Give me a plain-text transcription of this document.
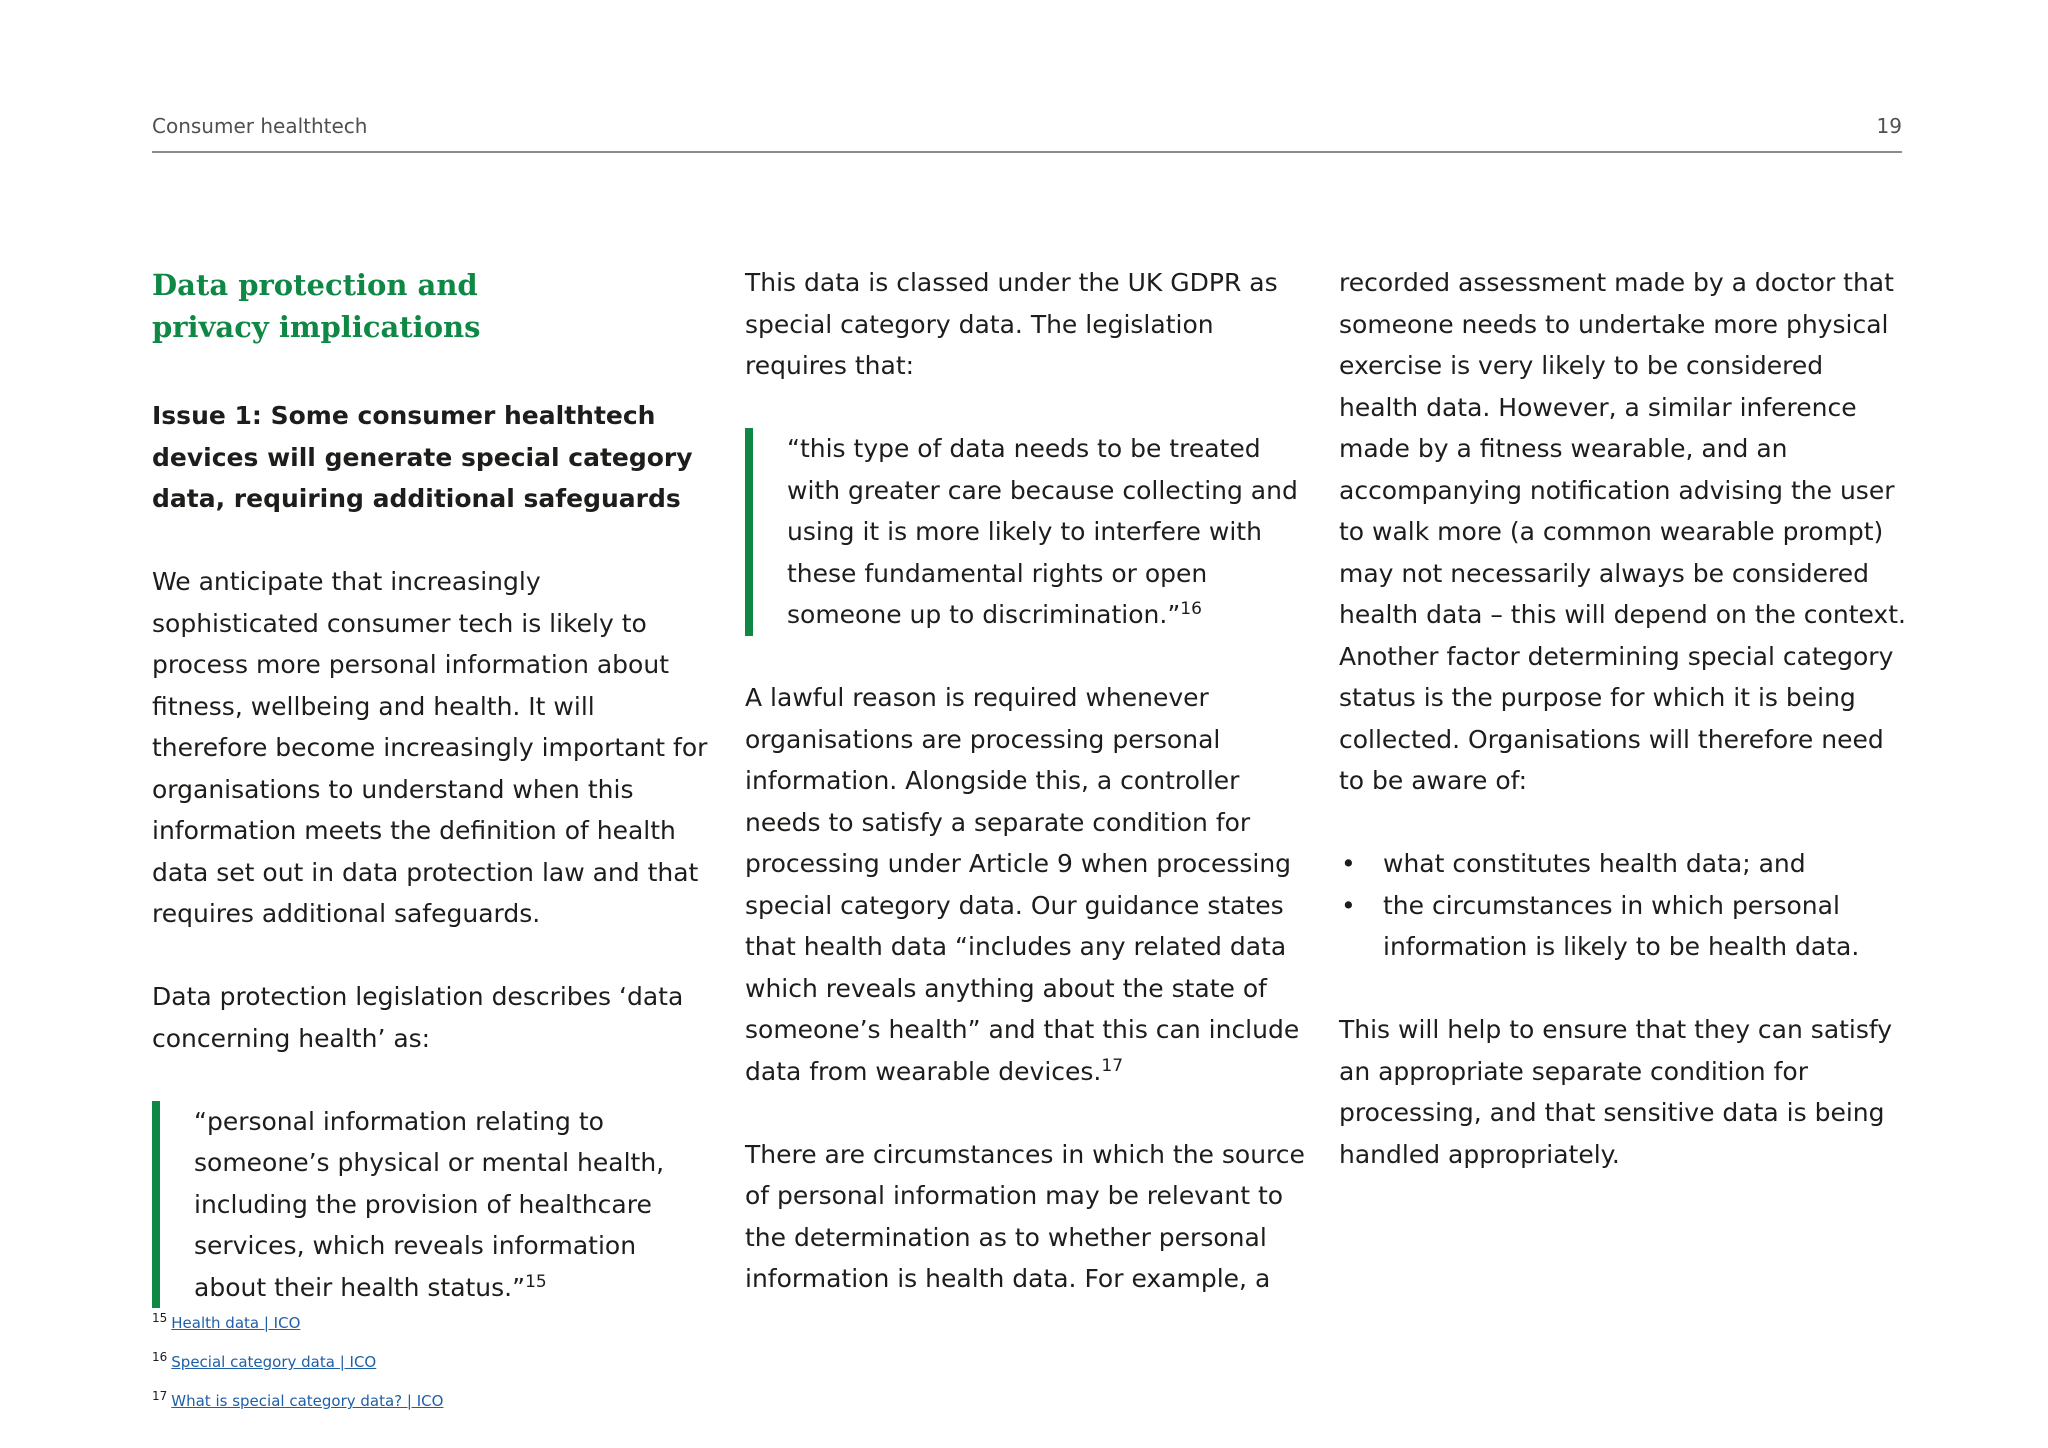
Consumer healthtech	19
Data protection and
privacy implications
Issue 1: Some consumer healthtech devices will generate special category data, requiring additional safeguards

We anticipate that increasingly sophisticated consumer tech is likely to process more personal information about fitness, wellbeing and health. It will therefore become increasingly important for organisations to understand when this information meets the definition of health data set out in data protection law and that requires additional safeguards.

Data protection legislation describes ‘data concerning health’ as:

“personal information relating to someone’s physical or mental health, including the provision of healthcare services, which reveals information about their health status.”$^{15}$

This data is classed under the UK GDPR as special category data. The legislation requires that:

“this type of data needs to be treated with greater care because collecting and using it is more likely to interfere with these fundamental rights or open someone up to discrimination.”$^{16}$

A lawful reason is required whenever organisations are processing personal information. Alongside this, a controller needs to satisfy a separate condition for processing under Article 9 when processing special category data. Our guidance states that health data “includes any related data which reveals anything about the state of someone’s health” and that this can include data from wearable devices.$^{17}$

There are circumstances in which the source of personal information may be relevant to the determination as to whether personal information is health data. For example, a

recorded assessment made by a doctor that someone needs to undertake more physical exercise is very likely to be considered health data. However, a similar inference made by a fitness wearable, and an accompanying notification advising the user to walk more (a common wearable prompt) may not necessarily always be considered health data – this will depend on the context. Another factor determining special category status is the purpose for which it is being collected. Organisations will therefore need to be aware of:

• what constitutes health data; and
• the circumstances in which personal information is likely to be health data.

This will help to ensure that they can satisfy an appropriate separate condition for processing, and that sensitive data is being handled appropriately.

$^{15}$ Health data | ICO
$^{16}$ Special category data | ICO
$^{17}$ What is special category data? | ICO
